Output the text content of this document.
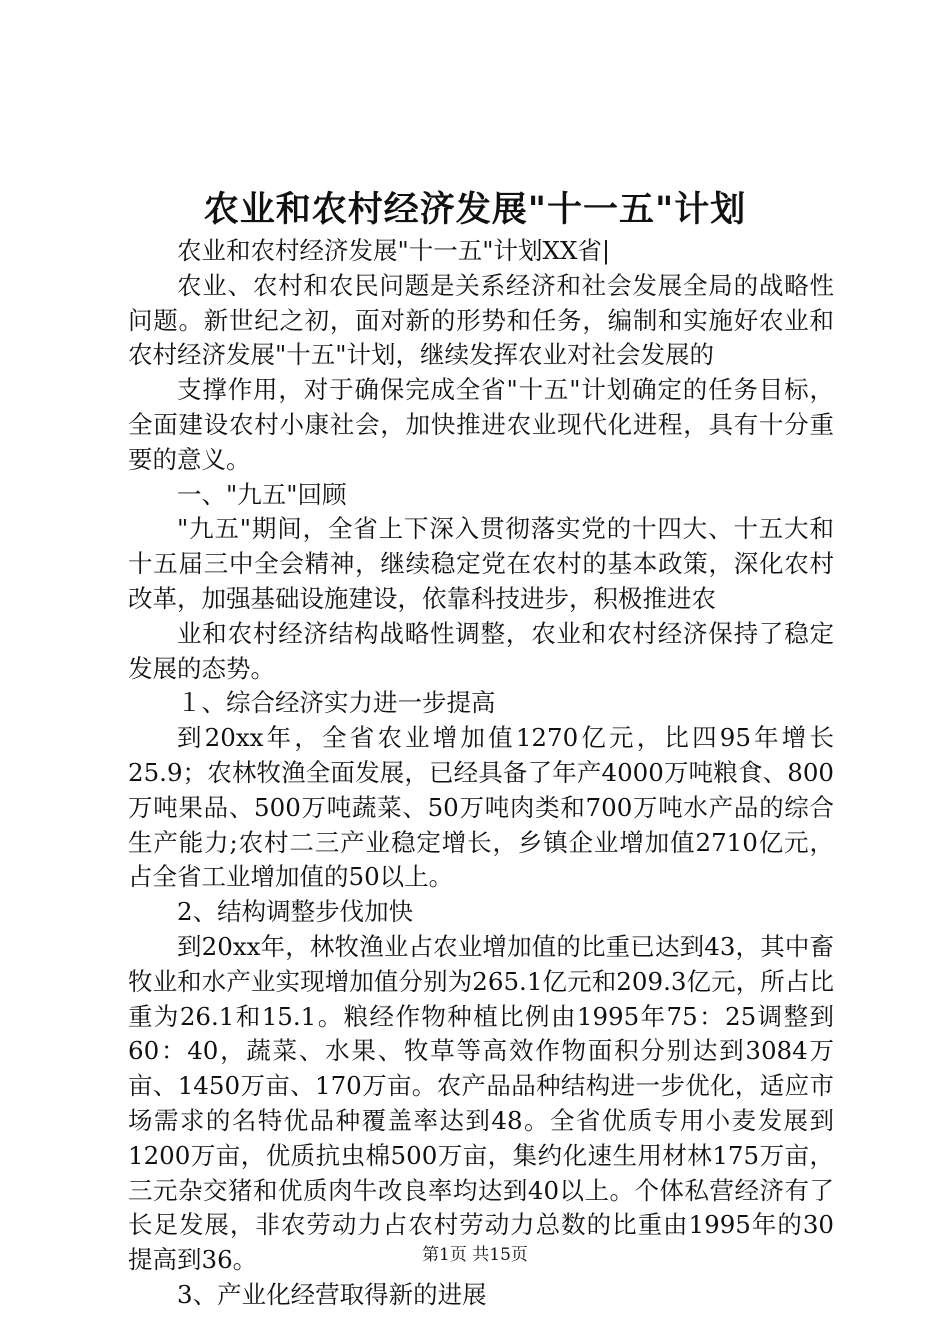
农业和农村经济发展"十一五"计划

农业和农村经济发展"十一五"计划XX省|

农业、农村和农民问题是关系经济和社会发展全局的战略性问题。新世纪之初，面对新的形势和任务，编制和实施好农业和农村经济发展"十五"计划，继续发挥农业对社会发展的

支撑作用，对于确保完成全省"十五"计划确定的任务目标，全面建设农村小康社会，加快推进农业现代化进程，具有十分重要的意义。

一、"九五"回顾

"九五"期间，全省上下深入贯彻落实党的十四大、十五大和十五届三中全会精神，继续稳定党在农村的基本政策，深化农村改革，加强基础设施建设，依靠科技进步，积极推进农

业和农村经济结构战略性调整，农业和农村经济保持了稳定发展的态势。

１、综合经济实力进一步提高

到20xx年，全省农业增加值1270亿元，比四95年增长25.9；农林牧渔全面发展，已经具备了年产4000万吨粮食、800万吨果品、500万吨蔬菜、50万吨肉类和700万吨水产品的综合生产能力;农村二三产业稳定增长，乡镇企业增加值2710亿元，占全省工业增加值的50以上。

2、结构调整步伐加快

到20xx年，林牧渔业占农业增加值的比重已达到43，其中畜牧业和水产业实现增加值分别为265.1亿元和209.3亿元，所占比重为26.1和15.1。粮经作物种植比例由1995年75：25调整到60：40，蔬菜、水果、牧草等高效作物面积分别达到3084万亩、1450万亩、170万亩。农产品品种结构进一步优化，适应市场需求的名特优品种覆盖率达到48。全省优质专用小麦发展到1200万亩，优质抗虫棉500万亩，集约化速生用材林175万亩，三元杂交猪和优质肉牛改良率均达到40以上。个体私营经济有了长足发展，非农劳动力占农村劳动力总数的比重由1995年的30提高到36。

3、产业化经营取得新的进展

第1页 共15页
